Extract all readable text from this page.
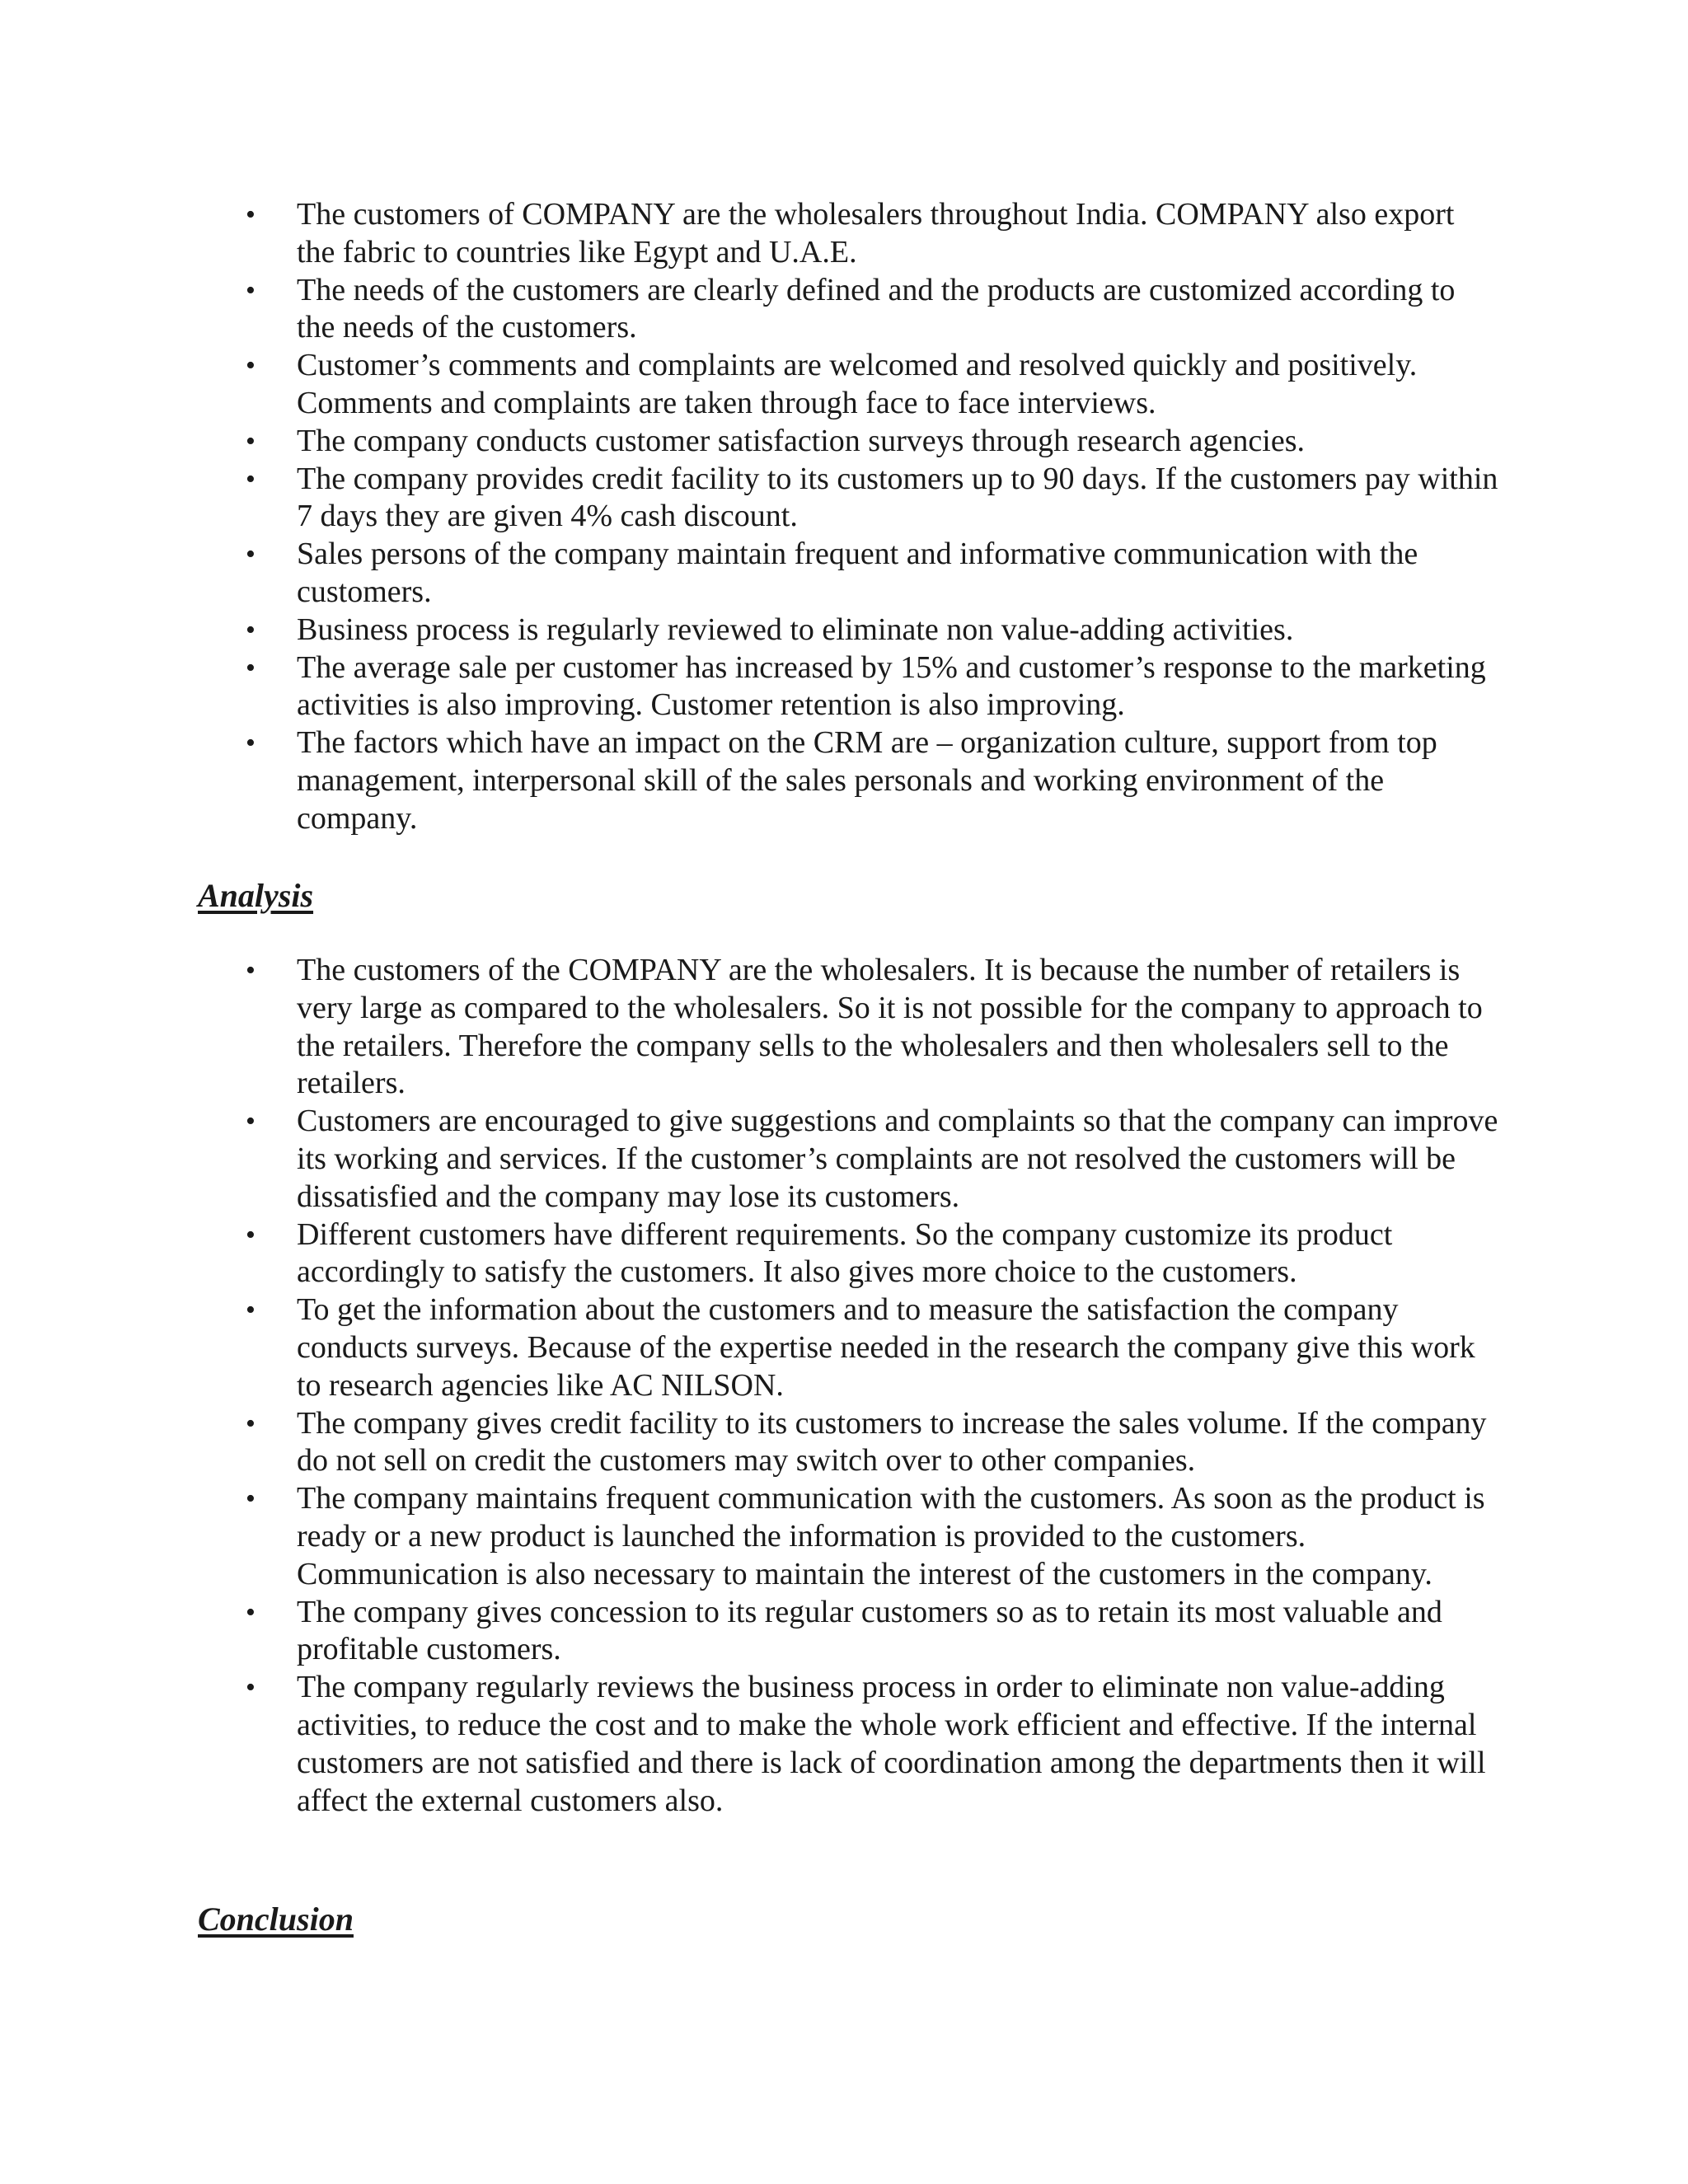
• The customers of COMPANY are the wholesalers throughout India. COMPANY also export the fabric to countries like Egypt and U.A.E.
• The needs of the customers are clearly defined and the products are customized according to the needs of the customers.
• Customer’s comments and complaints are welcomed and resolved quickly and positively. Comments and complaints are taken through face to face interviews.
• The company conducts customer satisfaction surveys through research agencies.
• The company provides credit facility to its customers up to 90 days. If the customers pay within 7 days they are given 4% cash discount.
• Sales persons of the company maintain frequent and informative communication with the customers.
• Business process is regularly reviewed to eliminate non value-adding activities.
• The average sale per customer has increased by 15% and customer’s response to the marketing activities is also improving. Customer retention is also improving.
• The factors which have an impact on the CRM are – organization culture, support from top management, interpersonal skill of the sales personals and working environment of the company.
Analysis
• The customers of the COMPANY are the wholesalers. It is because the number of retailers is very large as compared to the wholesalers. So it is not possible for the company to approach to the retailers. Therefore the company sells to the wholesalers and then wholesalers sell to the retailers.
• Customers are encouraged to give suggestions and complaints so that the company can improve its working and services. If the customer’s complaints are not resolved the customers will be dissatisfied and the company may lose its customers.
• Different customers have different requirements. So the company customize its product accordingly to satisfy the customers. It also gives more choice to the customers.
• To get the information about the customers and to measure the satisfaction the company conducts surveys. Because of the expertise needed in the research the company give this work to research agencies like AC NILSON.
• The company gives credit facility to its customers to increase the sales volume. If the company do not sell on credit the customers may switch over to other companies.
• The company maintains frequent communication with the customers. As soon as the product is ready or a new product is launched the information is provided to the customers. Communication is also necessary to maintain the interest of the customers in the company.
• The company gives concession to its regular customers so as to retain its most valuable and profitable customers.
• The company regularly reviews the business process in order to eliminate non value-adding activities, to reduce the cost and to make the whole work efficient and effective. If the internal customers are not satisfied and there is lack of coordination among the departments then it will affect the external customers also.
Conclusion
